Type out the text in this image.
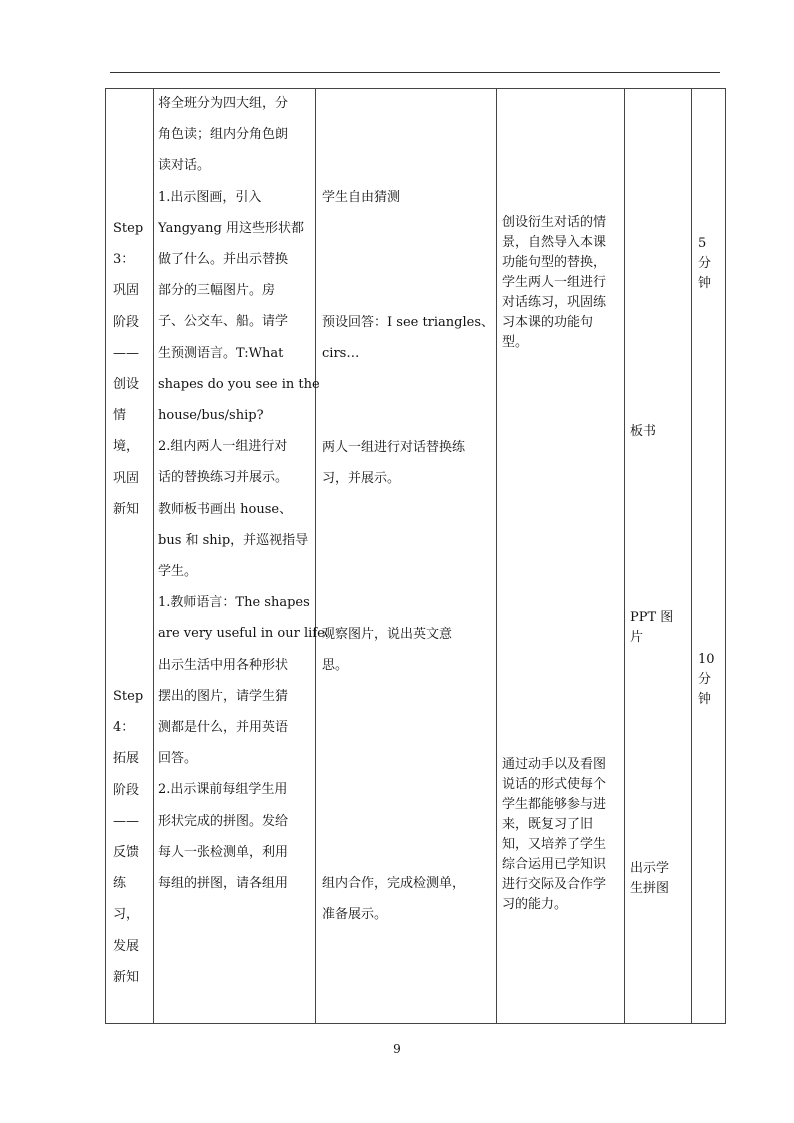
Step
3：
巩固
阶段
——
创设
情
境，
巩固
新知
Step
4：
拓展
阶段
——
反馈
练
习，
发展
新知
将全班分为四大组，分
角色读；组内分角色朗
读对话。
1.出示图画，引入
Yangyang 用这些形状都
做了什么。并出示替换
部分的三幅图片。房
子、公交车、船。请学
生预测语言。T:What
shapes do you see in the
house/bus/ship?
2.组内两人一组进行对
话的替换练习并展示。
教师板书画出 house、
bus 和 ship，并巡视指导
学生。
1.教师语言：The shapes
are very useful in our life.
出示生活中用各种形状
摆出的图片，请学生猜
测都是什么，并用英语
回答。
2.出示课前每组学生用
形状完成的拼图。发给
每人一张检测单，利用
每组的拼图，请各组用
学生自由猜测
预设回答：I see triangles、
cirs…
两人一组进行对话替换练
习，并展示。
观察图片，说出英文意
思。
组内合作，完成检测单，
准备展示。
创设衍生对话的情
景，自然导入本课
功能句型的替换，
学生两人一组进行
对话练习，巩固练
习本课的功能句
型。
通过动手以及看图
说话的形式使每个
学生都能够参与进
来，既复习了旧
知，又培养了学生
综合运用已学知识
进行交际及合作学
习的能力。
板书
PPT 图
片
出示学
生拼图
5
分
钟
10
分
钟
9
